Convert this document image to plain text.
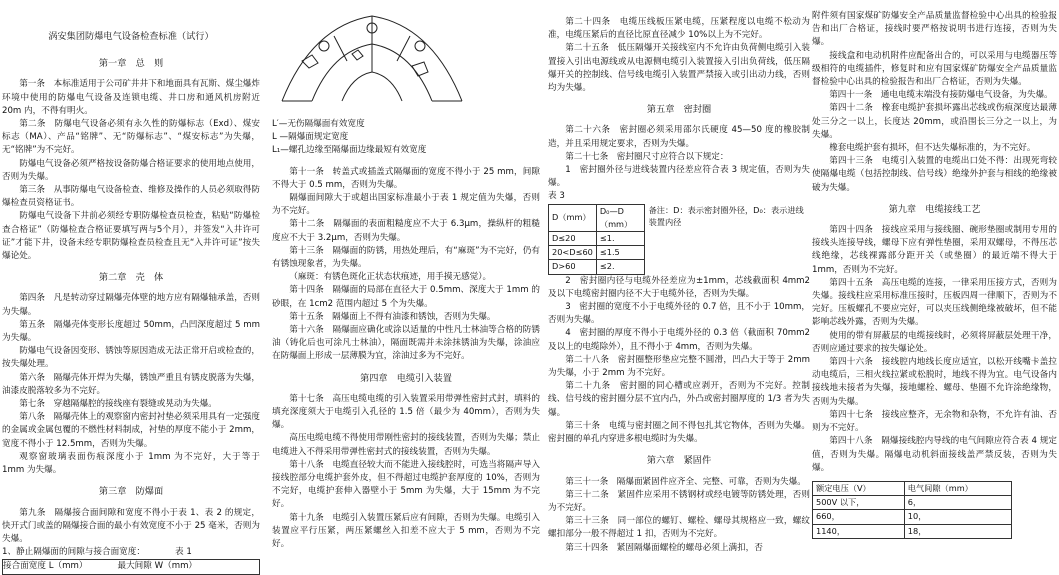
涡安集团防爆电气设备检查标准（试行）
第一章　总　则

第一条　本标准适用于公司矿井井下和地面具有瓦斯、煤尘爆炸环境中使用的防爆电气设备及连锁电缆、井口房和通风机房附近 20m 内，不得有明火。

第二条　防爆电气设备必须有永久性的防爆标志（Exd）、煤安标志（MA）、产品“铭牌”、无“防爆标志”、“煤安标志”为失爆，无“铭牌”为不完好。

防爆电气设备必须严格按设备防爆合格证要求的使用地点使用，否则为失爆。

第三条　从事防爆电气设备检查、维修及操作的人员必须取得防爆检查员资格证书。

防爆电气设备下井前必须经专职防爆检查员检查，粘贴“防爆检查合格证”（防爆检查合格证要填写两与5个月），并签发“入井许可证”才能下井，设备未经专职防爆检查员检查且无“入井许可证”按失爆论处。

第二章　壳　体

第四条　凡是转动穿过隔爆壳体壁的地方应有隔爆轴承盖，否则为失爆。

第五条　隔爆壳体变形长度超过 50mm，凸凹深度超过 5 mm 为失爆。

防爆电气设备因变形、锈蚀等原因造成无法正常开启或检查的，按失爆处理。

第六条　隔爆壳体开焊为失爆，锈蚀严重且有锈皮脱落为失爆，油漆皮脱落较多为不完好。

第七条　穿越隔爆腔的接线座有裂缝或晃动为失爆。

第八条　隔爆壳体上的观察窗内密封衬垫必须采用具有一定强度的金属或金属包覆的不燃性材料制成，衬垫的厚度不能小于 2mm，宽度不得小于 12.5mm，否则为失爆。

观察窗玻璃表面伤痕深度小于 1mm 为不完好，大于等于 1mm 为失爆。

第三章　防爆面

第九条　隔爆接合面间隙和宽度不得小于表 1、表 2 的规定，快开式门或盖的隔爆接合面的最小有效宽度不小于 25 毫米，否则为失爆。

1、静止隔爆面的间隙与接合面宽度：　　　　表 1

接合面宽度 L（mm）　　　　最大间隙 W（mm）

L′—无伤隔爆面有效宽度

L —隔爆面规定宽度

L₁—螺孔边缘至隔爆面边缘最短有效宽度

第十一条　转盖式或插盖式隔爆面的宽度不得小于 25 mm，间隙不得大于 0.5 mm，否则为失爆。

隔爆面间隙大于或超出国家标准最小于表 1 规定值为失爆，否则为不完好。

第十二条　隔爆面的表面粗糙度应不大于 6.3μm，操纵杆的粗糙度应不大于 3.2μm，否则为失爆。

第十三条　隔爆面的防锈，用热处理后，有“麻斑”为不完好，仍有有锈蚀现象者，为失爆。

（麻斑：有锈色斑化正状态状痕迹，用手摸无感觉）。

第十四条　隔爆面的局部在直径大于 0.5mm、深度大于 1mm 的砂眼，在 1cm2 范围内超过 5 个为失爆。

第十五条　隔爆面上不得有油漆和锈蚀，否则为失爆。

第十六条　隔爆面应确化或涂以适量的中性凡士林油等合格的防锈油（铸化后也可涂凡士林油），隔面既需并未涂抹锈油为失爆，涂油应在防爆面上形成一层薄膜为宜，涂油过多为不完好。

第四章　电缆引入装置

第十七条　高压电缆电缆的引入装置采用带弹性密封式封，填料的填充深度须大于电缆引入孔径的 1.5 倍（最少为 40mm），否则为失爆。

高压电缆电缆不得使用带刚性密封的接线装置，否则为失爆；禁止电缆进入不得采用带弹性密封式的接线装置，否则为失爆。

第十八条　电缆直径较大而不能进入接线腔时，可选当将隔声导入接线腔部分电缆护套外皮，但不得超过电缆护套厚度的 10%，否则为不完好，电缆护套伸入器壁小于 5mm 为失爆，大于 15mm 为不完好。

第十九条　电缆引入装置压紧后应有间隙，否则为失爆。电缆引入装置应平行压紧，两压紧螺丝入扣差不应大于 5 mm，否则为不完好。

第二十四条　电缆压线板压紧电缆，压紧程度以电缆不松动为准，电缆压紧后的直径比原直径减少 10%以上为不完好。

第二十五条　低压隔爆开关接线室内不允许由负荷侧电缆引入装置接入引出电源线或从电源侧电缆引入装置接入引出负荷线，低压隔爆开关的控制线、信号线电缆引入装置严禁接入或引出动力线，否则均为失爆。

第五章　密封圈

第二十六条　密封圈必须采用邵尔氏硬度 45—50 度的橡胶制造，并且采用规定要求，否则为失爆。

第二十七条　密封圈尺寸应符合以下规定：

1　密封圈外径与进线装置内径差应符合表 3 规定值，否则为失爆。

表 3

D（mm）	D₀—D（mm）
D≤20	≤1.
20<D≤60	≤1.5
D>60	≤2.
备注：D：表示密封圈外径，D₀：表示进线装置内径

2　密封圈内径与电缆外径差应为±1mm，芯线截面积 4mm2 及以下电缆密封圈内径不大于电缆外径，否则为失爆。

3　密封圈的宽度不小于电缆外径的 0.7 倍，且不小于 10mm，否则为失爆。

4　密封圈的厚度不得小于电缆外径的 0.3 倍（截面积 70mm2 及以上的电缆除外），且不得小于 4mm，否则为失爆。

第二十八条　密封圈整形垫应完整不圆滑，凹凸大于等于 2mm 为失爆，小于 2mm 为不完好。

第二十九条　密封圈的同心槽或应剥开，否则为不完好。控制线、信号线的密封圈分层不宜内凸，外凸或密封圈厚度的 1/3 者为失爆。

第三十条　电缆与密封圈之间不得包扎其它物体，否则为失爆。密封圈的单孔内穿进多根电缆时为失爆。

第六章　紧固件

第三十一条　隔爆面紧固件应齐全、完整、可靠，否则为失爆。

第三十二条　紧固件应采用不锈钢材或经电镀等防锈处理，否则为不完好。

第三十三条　同一部位的螺钉、螺栓、螺母其规格应一致，螺纹螺扣部分一般不得超过 1 扣，否则为不完好。

第三十四条　紧固隔爆面螺栓的螺母必须上满扣，否

附件须有国家煤矿防爆安全产品质量监督检验中心出具的检验报告和出厂合格证，接线时要严格按说明书进行连接，否则为失爆。

接线盒和电动机附件应配备出合的，可以采用与电缆器压等级相符的电缆插件，修复时和应有国家煤矿防爆安全产品质量监督检验中心出具的检验报告和出厂合格证，否则为失爆。

第四十一条　通电电缆末端没有接防爆电气设备，为失爆。

第四十二条　橡套电缆护套损坏露出芯线或伤痕深度达最薄处三分之一以上，长度达 20mm，或沿围长三分之一以上，为失爆。

橡套电缆护套有损坏，但不达失爆标准的，为不完好。

第四十三条　电缆引入装置的电缆出口处不得：出现死弯较使隔爆电缆（包括控制线、信号线）绝缘外护套与相线的绝缘被破为失爆。

第九章　电缆接线工艺

第四十四条　接线应采用与接线圈、碗形垫圈或制用专用的接线头连接导线，螺母下应有弹性垫圈，采用双螺母，不得压芯线绝缘，芯线裸露部分距开关（或垫圈）的最近端不得大于 1mm，否则为不完好。

第四十五条　高压电缆的连接，一律采用压接方式，否则为失爆。接线柱应采用标准压接时，压板四周一律顺下，否则为不完好。压板螺孔不要应完好，可以夹压线侧绝缘被破坏，但不能影响芯线外露，否则为失爆。

使用的带有屏蔽层的电缆接线时，必须将屏蔽层处理干净，否则应通过要求的按失爆论处。

第四十六条　接线腔内地线长度应适宜，以松开线嘴卡盖拉动电缆后，三相火线拉紧或松脱时，地线不得为宜。电气设备内接线地未接者为失爆，接地螺栓、螺母、垫圈不允许涂绝缘物，否则为失爆。

第四十七条　接线应整齐，无余物和杂物，不允许有油、否则为不完好。

第四十八条　隔爆接线腔内导线的电气间隙应符合表 4 规定值，否则为失爆。隔爆电动机斜面接线盖严禁反装，否则为失爆。

额定电压（V）	电气间隙（mm）
500V 以下，	6，
660，	10，
1140，	18，
